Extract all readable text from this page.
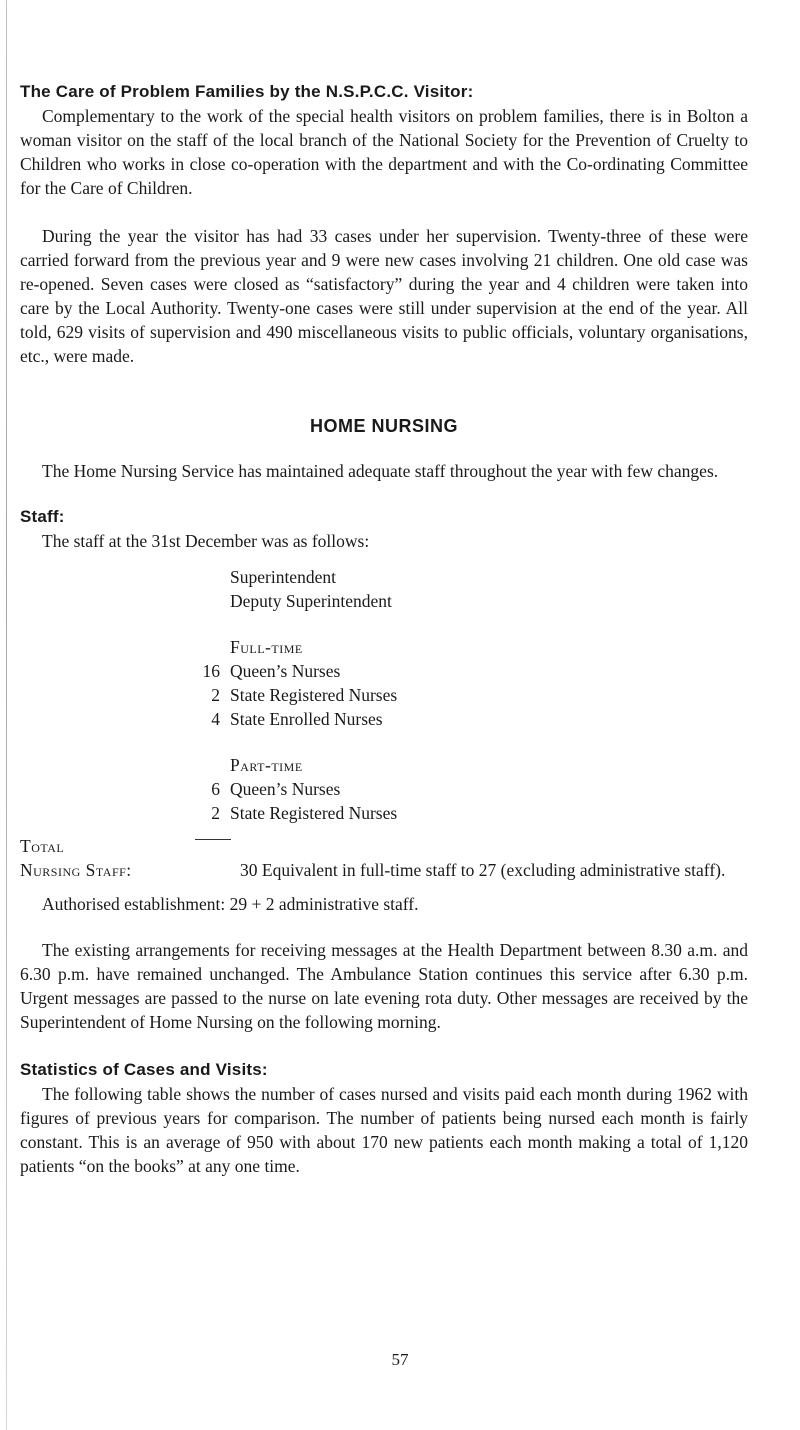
The Care of Problem Families by the N.S.P.C.C. Visitor:

Complementary to the work of the special health visitors on problem families, there is in Bolton a woman visitor on the staff of the local branch of the National Society for the Prevention of Cruelty to Children who works in close co-operation with the department and with the Co-ordinating Committee for the Care of Children.

During the year the visitor has had 33 cases under her supervision. Twenty-three of these were carried forward from the previous year and 9 were new cases involving 21 children. One old case was re-opened. Seven cases were closed as “satisfactory” during the year and 4 children were taken into care by the Local Authority. Twenty-one cases were still under supervision at the end of the year. All told, 629 visits of supervision and 490 miscellaneous visits to public officials, voluntary organisations, etc., were made.

HOME NURSING

The Home Nursing Service has maintained adequate staff throughout the year with few changes.

Staff:

The staff at the 31st December was as follows:

Superintendent
Deputy Superintendent
Full-time
16 Queen’s Nurses
2 State Registered Nurses
4 State Enrolled Nurses
Part-time
6 Queen’s Nurses
2 State Registered Nurses
Total
Nursing Staff:	30 Equivalent in full-time staff to 27 (excluding administrative staff).

Authorised establishment: 29 + 2 administrative staff.

The existing arrangements for receiving messages at the Health Department between 8.30 a.m. and 6.30 p.m. have remained unchanged. The Ambulance Station continues this service after 6.30 p.m. Urgent messages are passed to the nurse on late evening rota duty. Other messages are received by the Superintendent of Home Nursing on the following morning.

Statistics of Cases and Visits:

The following table shows the number of cases nursed and visits paid each month during 1962 with figures of previous years for comparison. The number of patients being nursed each month is fairly constant. This is an average of 950 with about 170 new patients each month making a total of 1,120 patients “on the books” at any one time.

57
